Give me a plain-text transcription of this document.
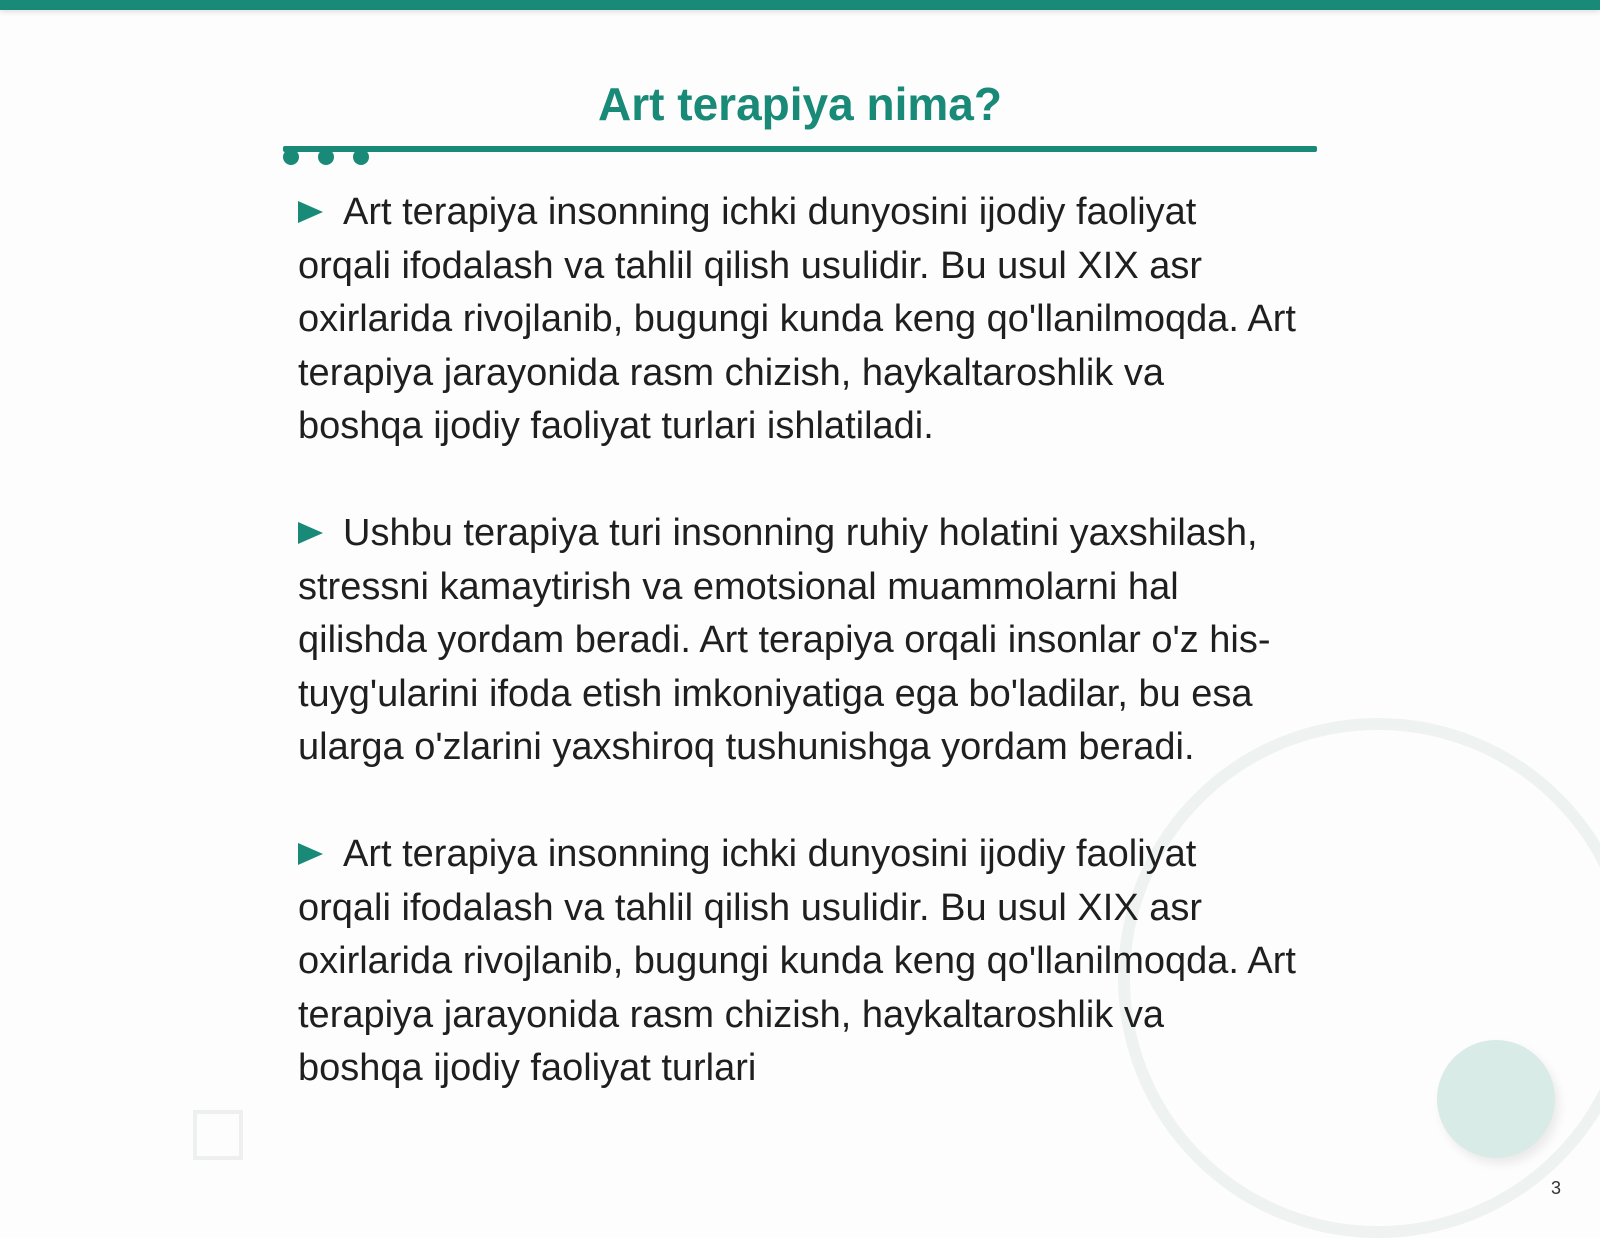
Art terapiya nima?
Art terapiya insonning ichki dunyosini ijodiy faoliyat orqali ifodalash va tahlil qilish usulidir. Bu usul XIX asr oxirlarida rivojlanib, bugungi kunda keng qo'llanilmoqda. Art terapiya jarayonida rasm chizish, haykaltaroshlik va boshqa ijodiy faoliyat turlari ishlatiladi.
Ushbu terapiya turi insonning ruhiy holatini yaxshilash, stressni kamaytirish va emotsional muammolarni hal qilishda yordam beradi. Art terapiya orqali insonlar o'z his-tuyg'ularini ifoda etish imkoniyatiga ega bo'ladilar, bu esa ularga o'zlarini yaxshiroq tushunishga yordam beradi.
Art terapiya insonning ichki dunyosini ijodiy faoliyat orqali ifodalash va tahlil qilish usulidir. Bu usul XIX asr oxirlarida rivojlanib, bugungi kunda keng qo'llanilmoqda. Art terapiya jarayonida rasm chizish, haykaltaroshlik va boshqa ijodiy faoliyat turlari
3
